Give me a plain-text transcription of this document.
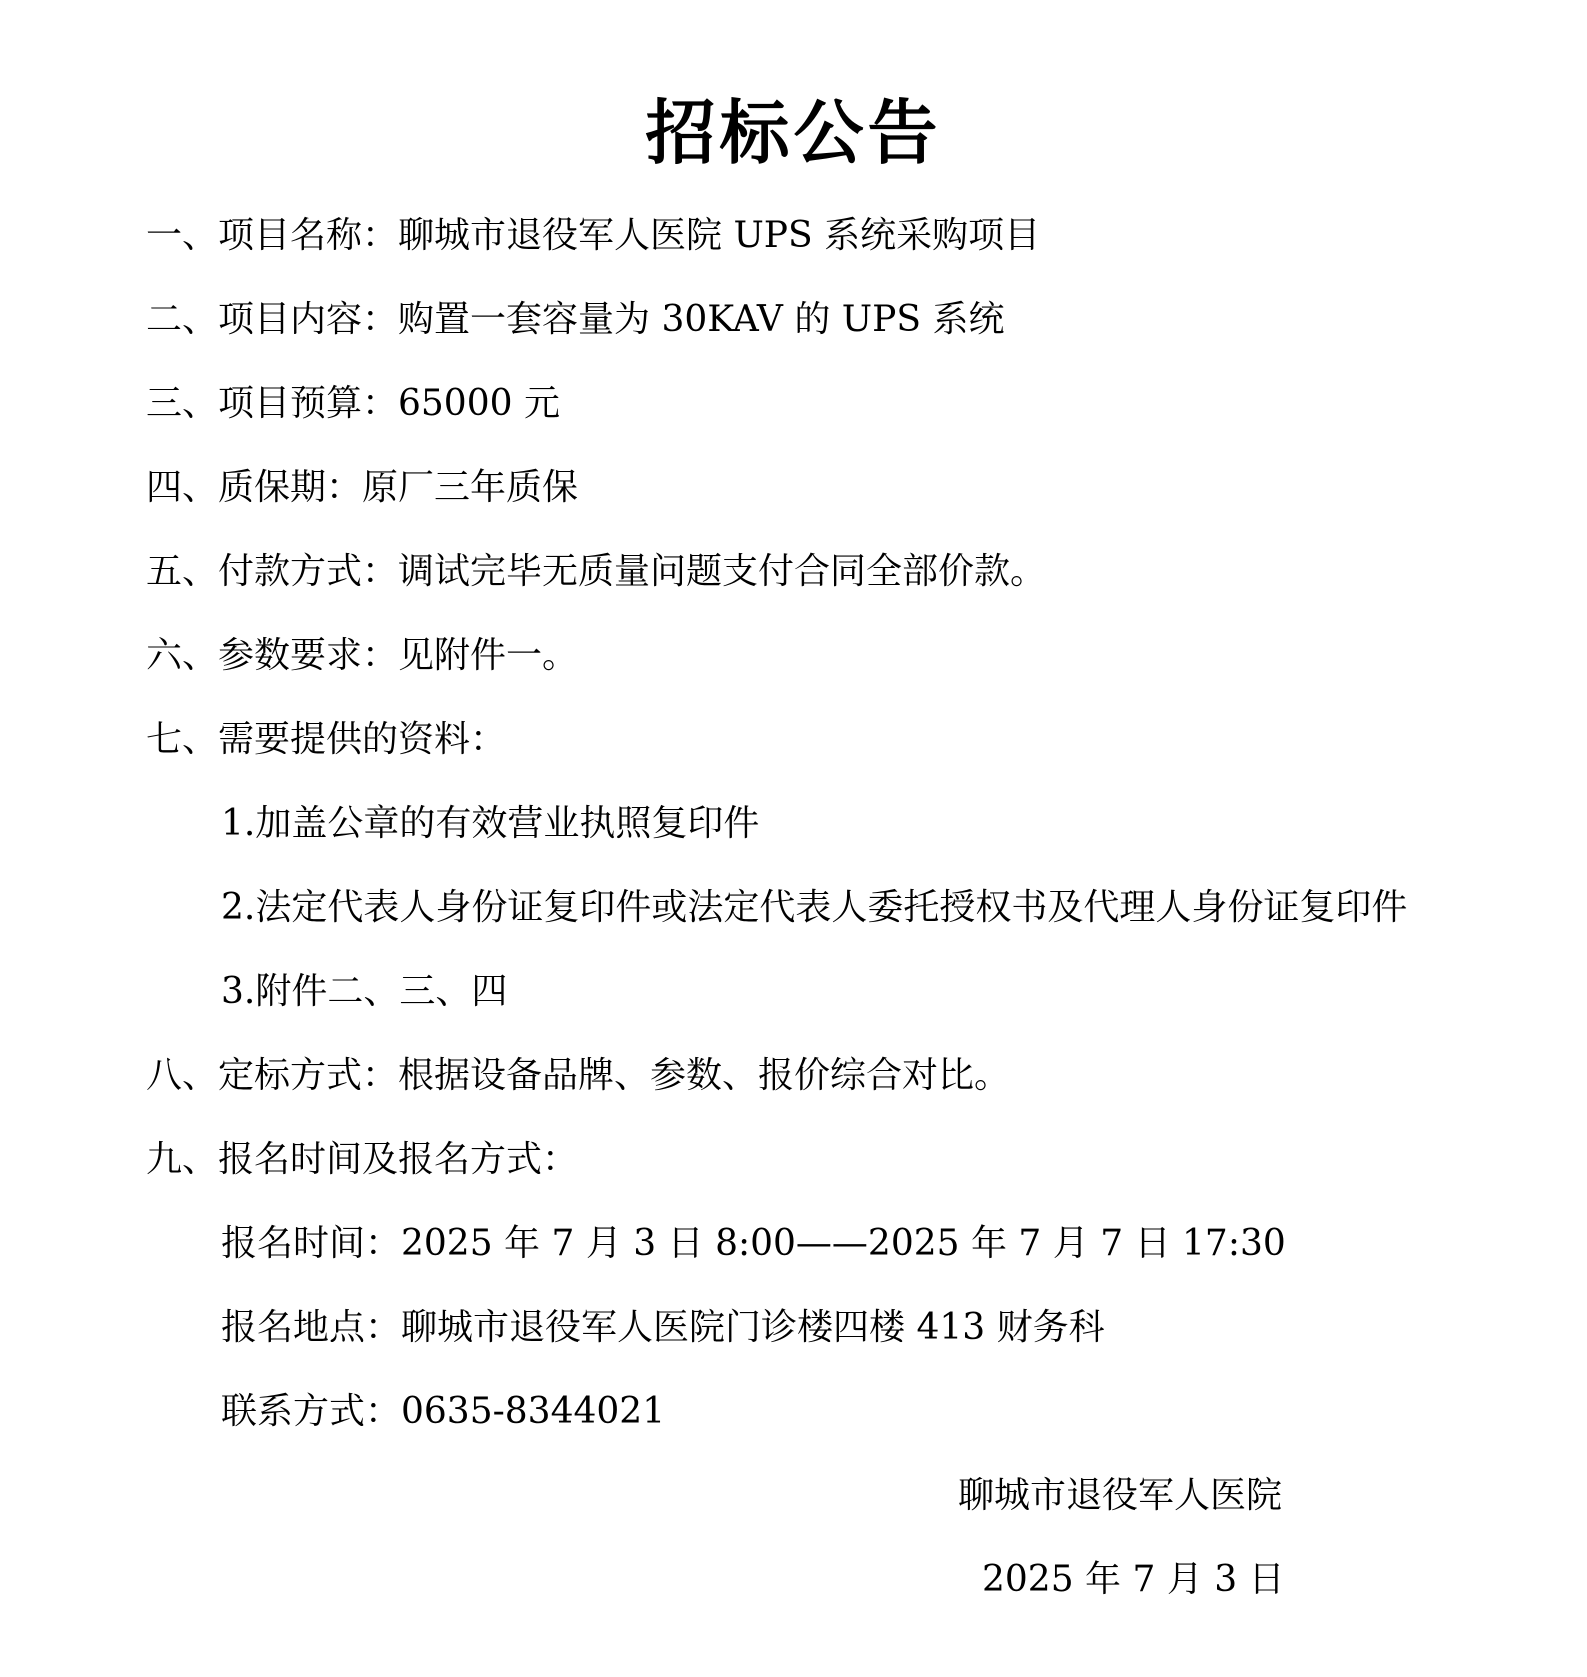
招标公告
一、项目名称：聊城市退役军人医院 UPS 系统采购项目
二、项目内容：购置一套容量为 30KAV 的 UPS 系统
三、项目预算：65000 元
四、质保期：原厂三年质保
五、付款方式：调试完毕无质量问题支付合同全部价款。
六、参数要求：见附件一。
七、需要提供的资料：
1.加盖公章的有效营业执照复印件
2.法定代表人身份证复印件或法定代表人委托授权书及代理人身份证复印件
3.附件二、三、四
八、定标方式：根据设备品牌、参数、报价综合对比。
九、报名时间及报名方式：
报名时间：2025 年 7 月 3 日 8:00——2025 年 7 月 7 日 17:30
报名地点：聊城市退役军人医院门诊楼四楼 413 财务科
联系方式：0635-8344021
聊城市退役军人医院
2025 年 7 月 3 日
